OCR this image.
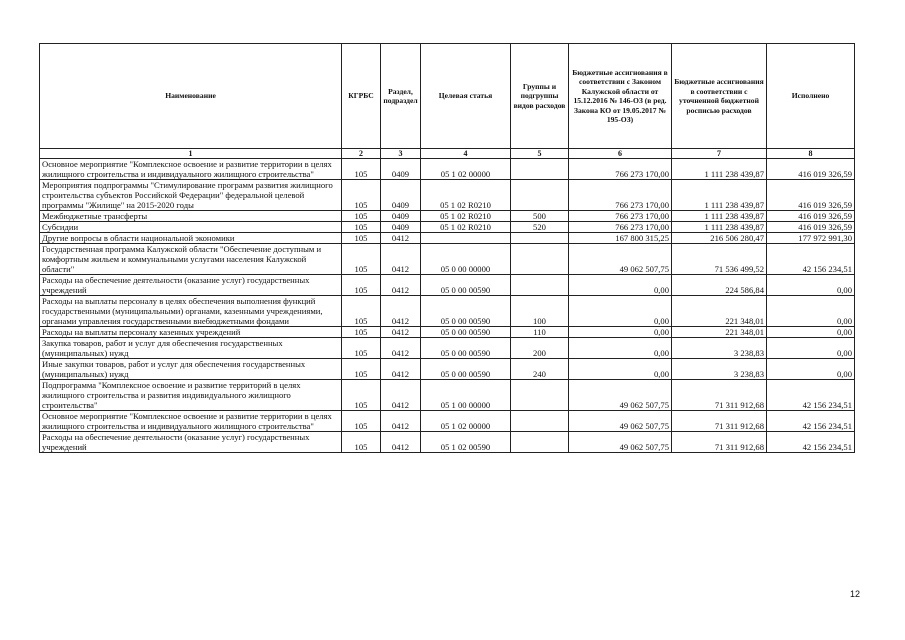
Наименование	КГРБС	Раздел, подраздел	Целевая статья	Группы и подгруппы видов расходов	Бюджетные ассигнования в соответствии с Законом Калужской области от 15.12.2016 № 146-ОЗ (в ред. Закона КО от 19.05.2017 № 195-ОЗ)	Бюджетные ассигнования в соответствии с уточненной бюджетной росписью расходов	Исполнено
1	2	3	4	5	6	7	8
Основное мероприятие "Комплексное освоение и развитие территории в целях жилищного строительства и индивидуального жилищного строительства"	105	0409	05 1 02 00000		766 273 170,00	1 111 238 439,87	416 019 326,59
Мероприятия подпрограммы "Стимулирование программ развития жилищного строительства субъектов Российской Федерации" федеральной целевой программы "Жилище" на 2015-2020 годы	105	0409	05 1 02 R0210		766 273 170,00	1 111 238 439,87	416 019 326,59
Межбюджетные трансферты	105	0409	05 1 02 R0210	500	766 273 170,00	1 111 238 439,87	416 019 326,59
Субсидии	105	0409	05 1 02 R0210	520	766 273 170,00	1 111 238 439,87	416 019 326,59
Другие вопросы в области национальной экономики	105	0412			167 800 315,25	216 506 280,47	177 972 991,30
Государственная программа Калужской области "Обеспечение доступным и комфортным жильем и коммунальными услугами населения Калужской области"	105	0412	05 0 00 00000		49 062 507,75	71 536 499,52	42 156 234,51
Расходы на обеспечение деятельности (оказание услуг) государственных учреждений	105	0412	05 0 00 00590		0,00	224 586,84	0,00
Расходы на выплаты персоналу в целях обеспечения выполнения функций государственными (муниципальными) органами, казенными учреждениями, органами управления государственными внебюджетными фондами	105	0412	05 0 00 00590	100	0,00	221 348,01	0,00
Расходы на выплаты персоналу казенных учреждений	105	0412	05 0 00 00590	110	0,00	221 348,01	0,00
Закупка товаров, работ и услуг для обеспечения государственных (муниципальных) нужд	105	0412	05 0 00 00590	200	0,00	3 238,83	0,00
Иные закупки товаров, работ и услуг для обеспечения государственных (муниципальных) нужд	105	0412	05 0 00 00590	240	0,00	3 238,83	0,00
Подпрограмма "Комплексное освоение и развитие территорий в целях жилищного строительства и развития индивидуального жилищного строительства"	105	0412	05 1 00 00000		49 062 507,75	71 311 912,68	42 156 234,51
Основное мероприятие "Комплексное освоение и развитие территории в целях жилищного строительства и индивидуального жилищного строительства"	105	0412	05 1 02 00000		49 062 507,75	71 311 912,68	42 156 234,51
Расходы на обеспечение деятельности (оказание услуг) государственных учреждений	105	0412	05 1 02 00590		49 062 507,75	71 311 912,68	42 156 234,51
12
